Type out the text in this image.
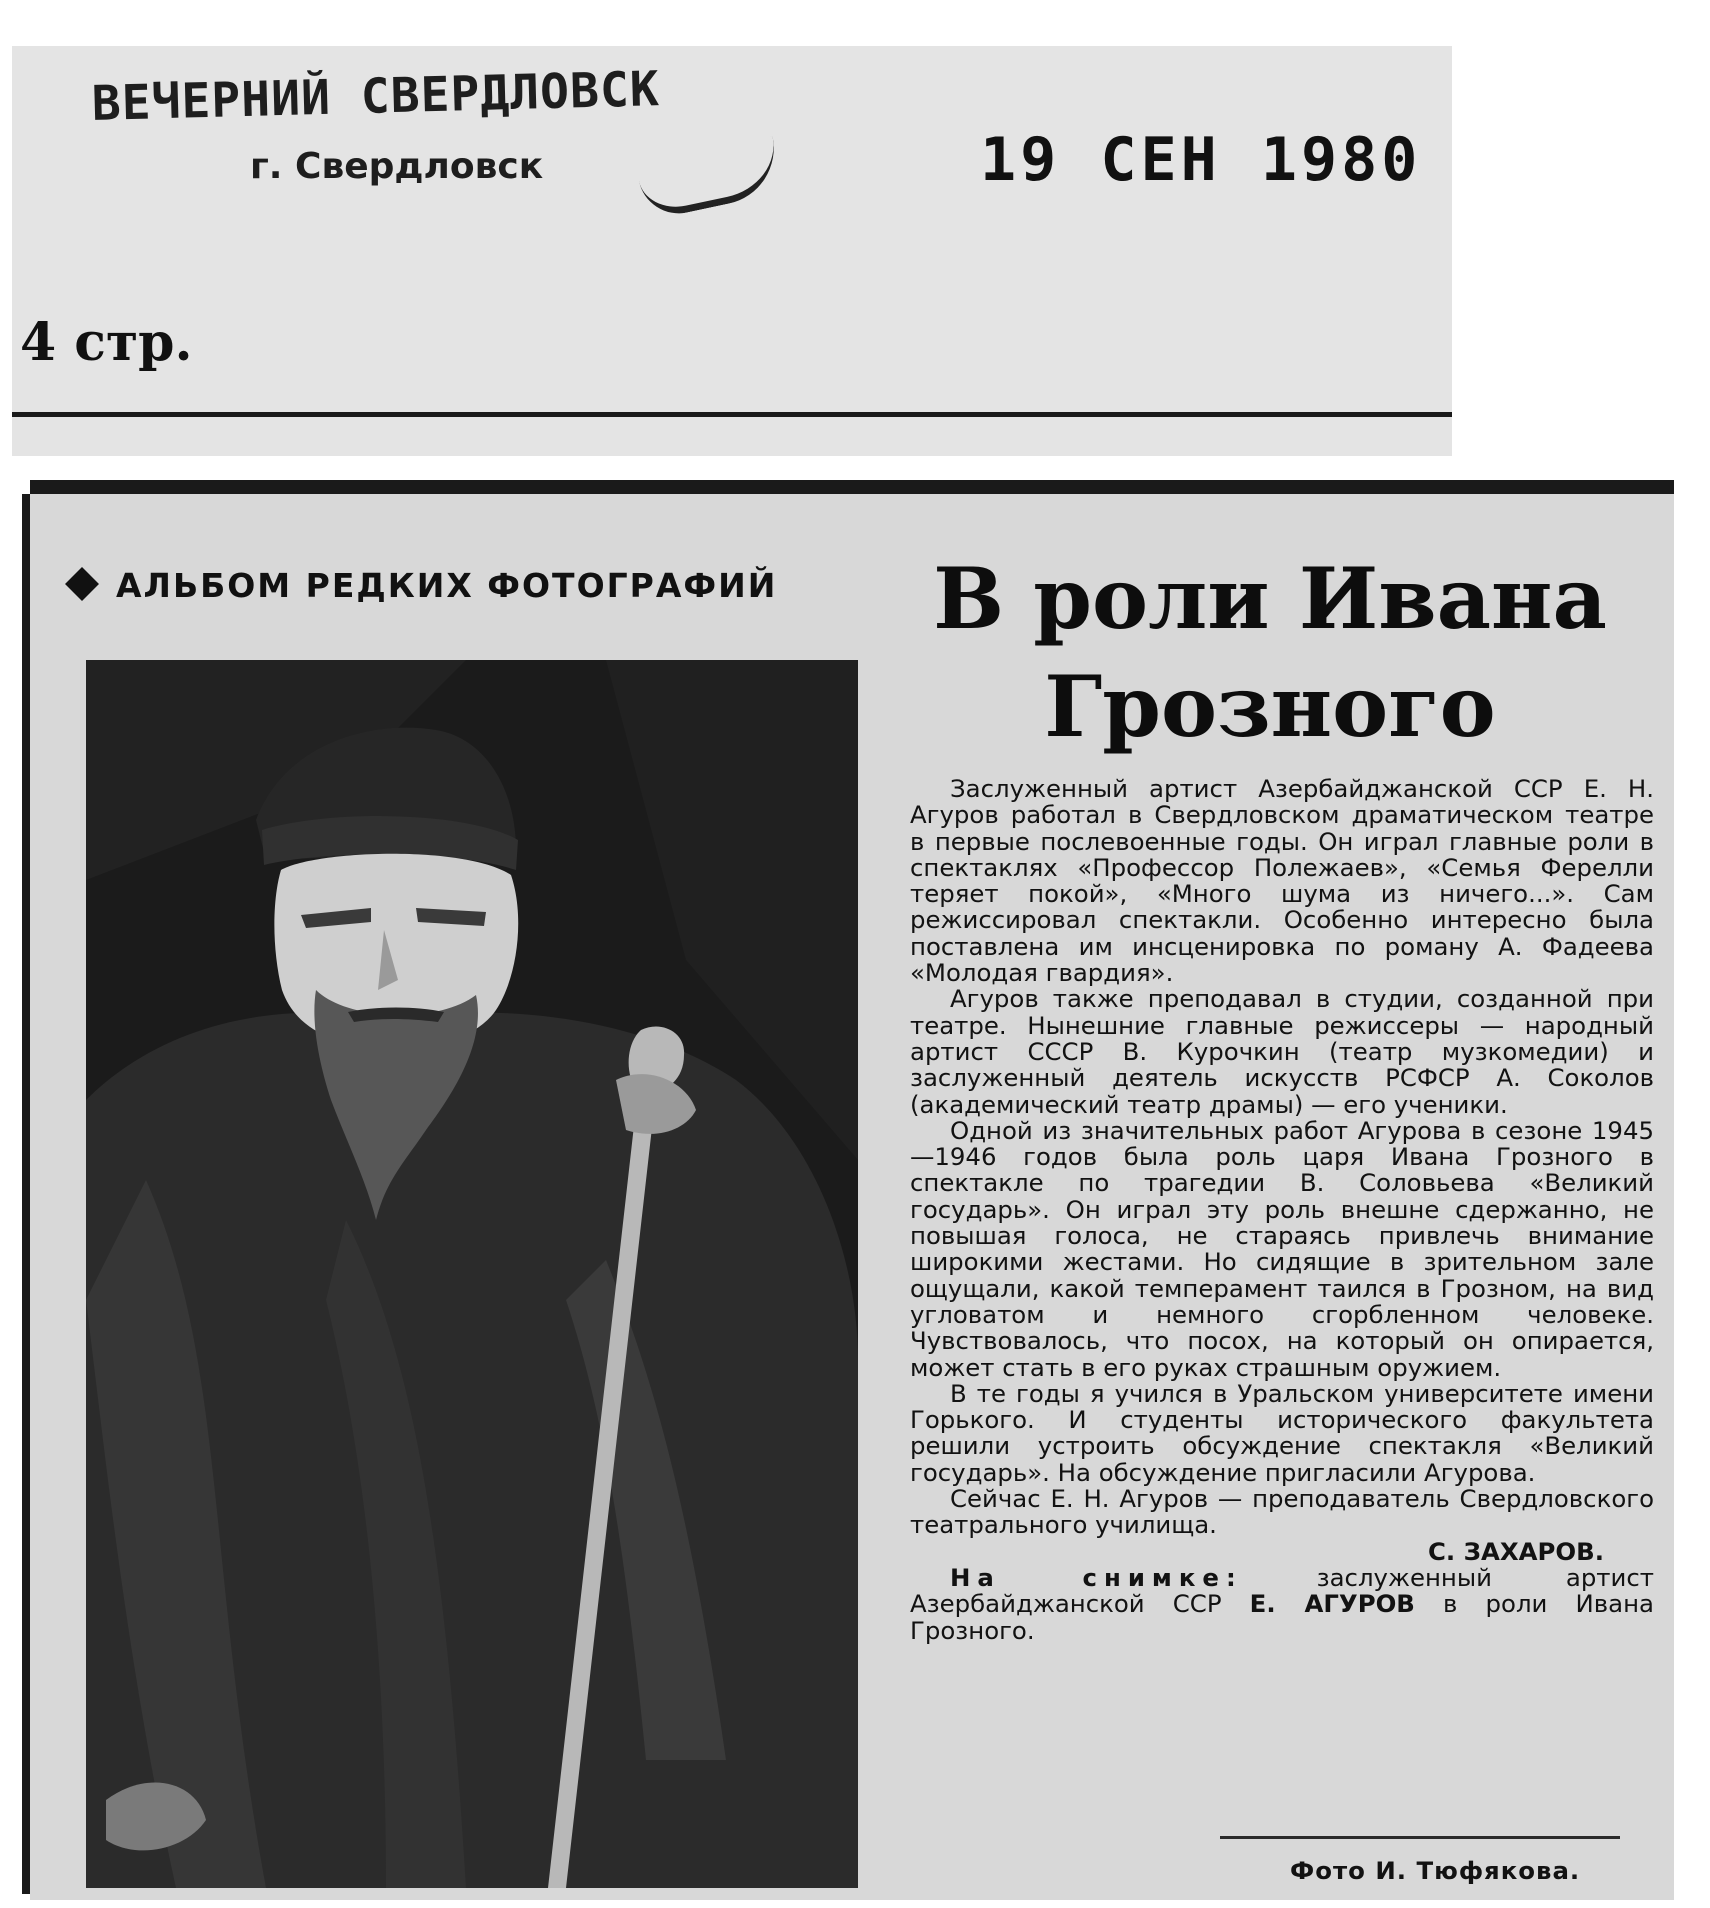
ВЕЧЕРНИЙ СВЕРДЛОВСК
г. Свердловск	19 СЕН 1980
4 стр.
АЛЬБОМ РЕДКИХ ФОТОГРАФИЙ	В роли Ивана Грозного

Заслуженный артист Азербайджанской ССР Е. Н. Агуров работал в Свердловском драматическом театре в первые послевоенные годы. Он играл главные роли в спектаклях «Профессор Полежаев», «Семья Ферелли теряет покой», «Много шума из ничего...». Сам режиссировал спектакли. Особенно интересно была поставлена им инсценировка по роману А. Фадеева «Молодая гвардия».

Агуров также преподавал в студии, созданной при театре. Нынешние главные режиссеры — народный артист СССР В. Курочкин (театр музкомедии) и заслуженный деятель искусств РСФСР А. Соколов (академический театр драмы) — его ученики.

Одной из значительных работ Агурова в сезоне 1945—1946 годов была роль царя Ивана Грозного в спектакле по трагедии В. Соловьева «Великий государь». Он играл эту роль внешне сдержанно, не повышая голоса, не стараясь привлечь внимание широкими жестами. Но сидящие в зрительном зале ощущали, какой темперамент таился в Грозном, на вид угловатом и немного сгорбленном человеке. Чувствовалось, что посох, на который он опирается, может стать в его руках страшным оружием.

В те годы я учился в Уральском университете имени Горького. И студенты исторического факультета решили устроить обсуждение спектакля «Великий государь». На обсуждение пригласили Агурова.

Сейчас Е. Н. Агуров — преподаватель Свердловского театрального училища.

С. ЗАХАРОВ.

На снимке:	заслуженный артист Азербайджанской ССР Е. АГУРОВ в роли Ивана Грозного.

Фото И. Тюфякова.
